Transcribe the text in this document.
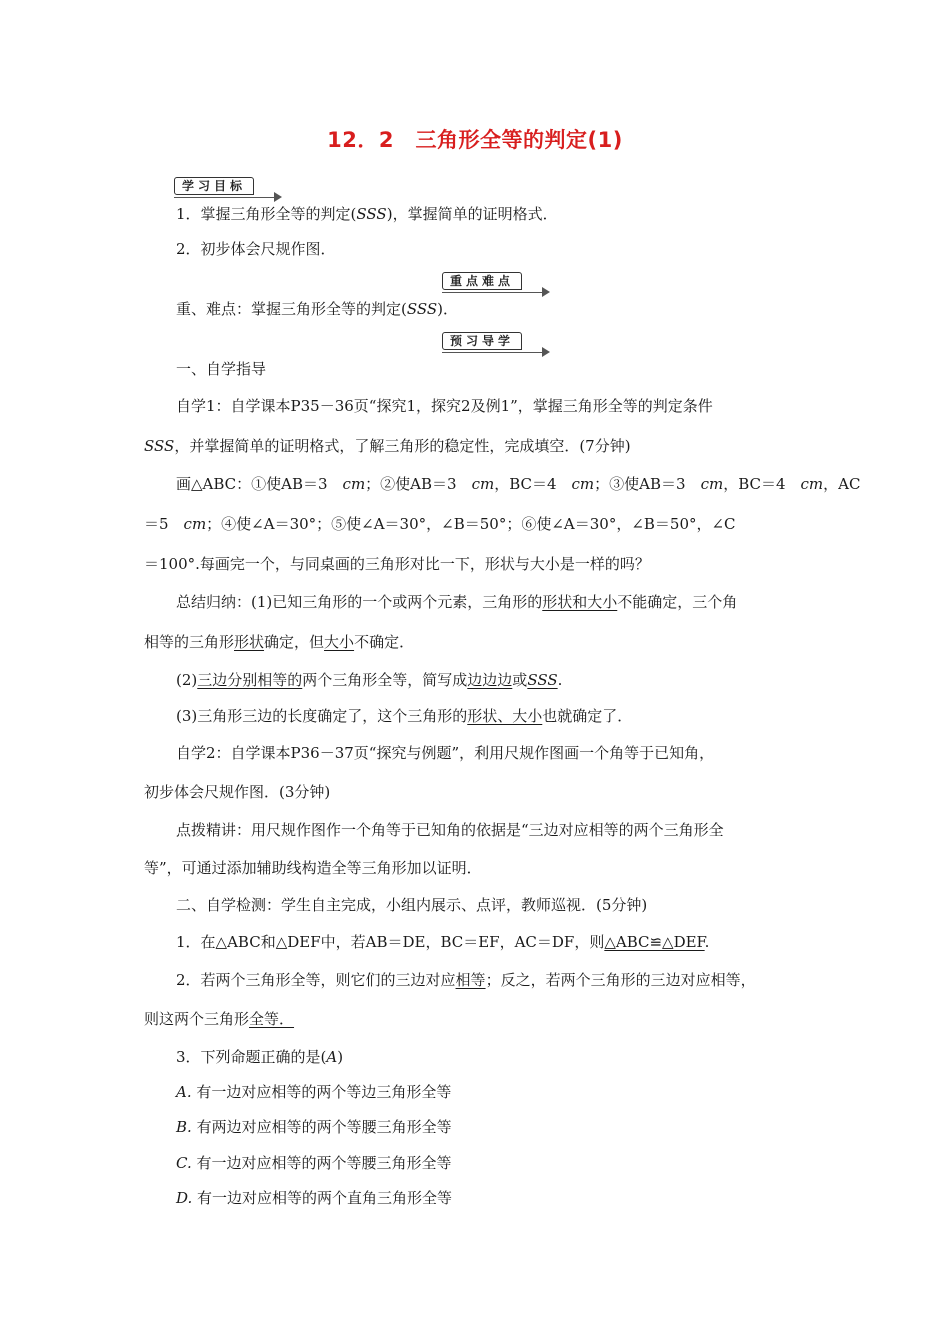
12．2　三角形全等的判定(1)
学习目标
1．掌握三角形全等的判定(SSS)，掌握简单的证明格式．
2．初步体会尺规作图．
重点难点
重、难点：掌握三角形全等的判定(SSS)．
预习导学
一、自学指导
自学1：自学课本P35－36页“探究1，探究2及例1”，掌握三角形全等的判定条件
SSS，并掌握简单的证明格式，了解三角形的稳定性，完成填空．(7分钟)
画△ABC：①使AB＝3　cm；②使AB＝3　cm，BC＝4　cm；③使AB＝3　cm，BC＝4　cm，AC
＝5　cm；④使∠A＝30°；⑤使∠A＝30°，∠B＝50°；⑥使∠A＝30°，∠B＝50°，∠C
＝100°.每画完一个，与同桌画的三角形对比一下，形状与大小是一样的吗？
总结归纳：(1)已知三角形的一个或两个元素，三角形的形状和大小不能确定，三个角
相等的三角形形状确定，但大小不确定．
(2)三边分别相等的两个三角形全等，简写成边边边或SSS.
(3)三角形三边的长度确定了，这个三角形的形状、大小也就确定了．
自学2：自学课本P36－37页“探究与例题”，利用尺规作图画一个角等于已知角，
初步体会尺规作图．(3分钟)
点拨精讲：用尺规作图作一个角等于已知角的依据是“三边对应相等的两个三角形全
等”，可通过添加辅助线构造全等三角形加以证明．
二、自学检测：学生自主完成，小组内展示、点评，教师巡视．(5分钟)
1．在△ABC和△DEF中，若AB＝DE，BC＝EF，AC＝DF，则△ABC≌△DEF.
2．若两个三角形全等，则它们的三边对应相等；反之，若两个三角形的三边对应相等，
则这两个三角形全等．
3．下列命题正确的是(A)
A. 有一边对应相等的两个等边三角形全等
B. 有两边对应相等的两个等腰三角形全等
C. 有一边对应相等的两个等腰三角形全等
D. 有一边对应相等的两个直角三角形全等
